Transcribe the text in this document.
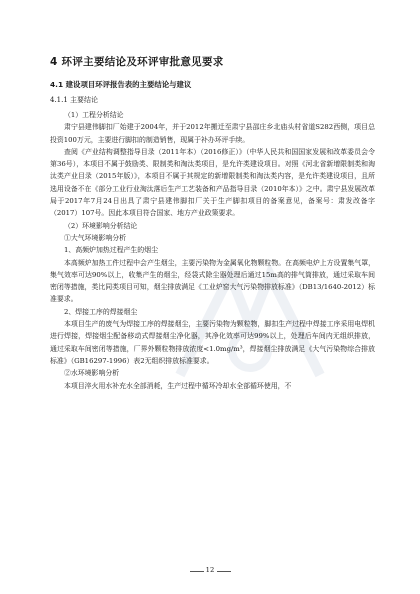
4 环评主要结论及环评审批意见要求
4.1 建设项目环评报告表的主要结论与建议
4.1.1 主要结论

（1）工程分析结论

肃宁县建伟脚扣厂始建于2004年，并于2012年搬迁至肃宁县邵庄乡北庙头村省道S282西侧，项目总投资100万元，主要进行脚扣的制造销售，现属于补办环评手续。

查阅《产业结构调整指导目录（2011年本）（2016修正）》（中华人民共和国国家发展和改革委员会令第36号），本项目不属于鼓励类、限制类和淘汰类项目，是允许类建设项目。对照《河北省新增限制类和淘汰类产业目录（2015年版）》，本项目不属于其规定的新增限制类和淘汰类内容，是允许类建设项目，且所选用设备不在《部分工业行业淘汰落后生产工艺装备和产品指导目录（2010年本）》之中。肃宁县发展改革局于2017年7月24日出具了肃宁县建伟脚扣厂关于生产脚扣项目的备案意见，备案号：肃发改备字（2017）107号。因此本项目符合国家、地方产业政策要求。

（2）环境影响分析结论

①大气环境影响分析

1、高频炉加热过程产生的烟尘

本高频炉加热工件过程中会产生烟尘，主要污染物为金属氧化物颗粒物。在高频电炉上方设置集气罩，集气效率可达90%以上，收集产生的烟尘，经袋式除尘器处理后通过15m高的排气筒排放，通过采取车间密闭等措施，类比同类项目可知，烟尘排放满足《工业炉窑大气污染物排放标准》（DB13/1640-2012）标准要求。

2、焊接工序的焊接烟尘

本项目生产的废气为焊接工序的焊接烟尘，主要污染物为颗粒物，脚扣生产过程中焊接工序采用电焊机进行焊接，焊接烟尘配备移动式焊接烟尘净化器，其净化效率可达99%以上，处理后车间内无组织排放，通过采取车间密闭等措施，厂界外颗粒物排放浓度<1.0mg/m³，焊接烟尘排放满足《大气污染物综合排放标准》（GB16297-1996）表2无组织排放标准要求。

②水环境影响分析

本项目淬火用水补充水全部消耗，生产过程中循环冷却水全部循环使用，不

12
